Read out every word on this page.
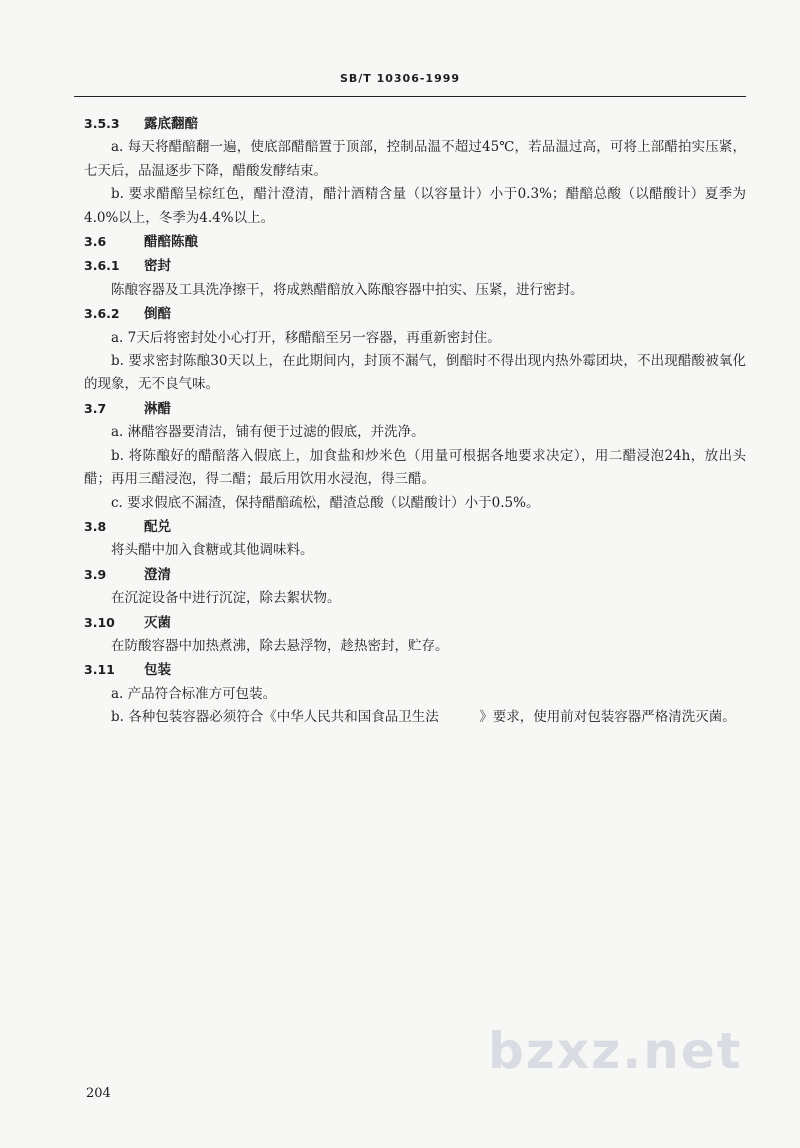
SB/T 10306-1999
3.5.3 露底翻醅
a. 每天将醋醅翻一遍，使底部醋醅置于顶部，控制品温不超过45℃，若品温过高，可将上部醋拍实压紧，七天后，品温逐步下降，醋酸发酵结束。
b. 要求醋醅呈棕红色，醋汁澄清，醋汁酒精含量（以容量计）小于0.3%；醋醅总酸（以醋酸计）夏季为4.0%以上，冬季为4.4%以上。
3.6	醋醅陈酿
3.6.1 密封
陈酿容器及工具洗净擦干，将成熟醋醅放入陈酿容器中拍实、压紧，进行密封。
3.6.2 倒醅
a. 7天后将密封处小心打开，移醋醅至另一容器，再重新密封住。
b. 要求密封陈酿30天以上，在此期间内，封顶不漏气，倒醅时不得出现内热外霉团块，不出现醋酸被氧化的现象，无不良气味。
3.7	淋醋
a. 淋醋容器要清洁，铺有便于过滤的假底，并洗净。
b. 将陈酿好的醋醅落入假底上，加食盐和炒米色（用量可根据各地要求决定），用二醋浸泡24h，放出头醋；再用三醋浸泡，得二醋；最后用饮用水浸泡，得三醋。
c. 要求假底不漏渣，保持醋醅疏松，醋渣总酸（以醋酸计）小于0.5%。
3.8	配兑
将头醋中加入食糖或其他调味料。
3.9	澄清
在沉淀设备中进行沉淀，除去絮状物。
3.10 灭菌
在防酸容器中加热煮沸，除去悬浮物，趁热密封，贮存。
3.11 包装
a. 产品符合标准方可包装。
b. 各种包装容器必须符合《中华人民共和国食品卫生法　　　》要求，使用前对包装容器严格清洗灭菌。
bzxz.net
204
